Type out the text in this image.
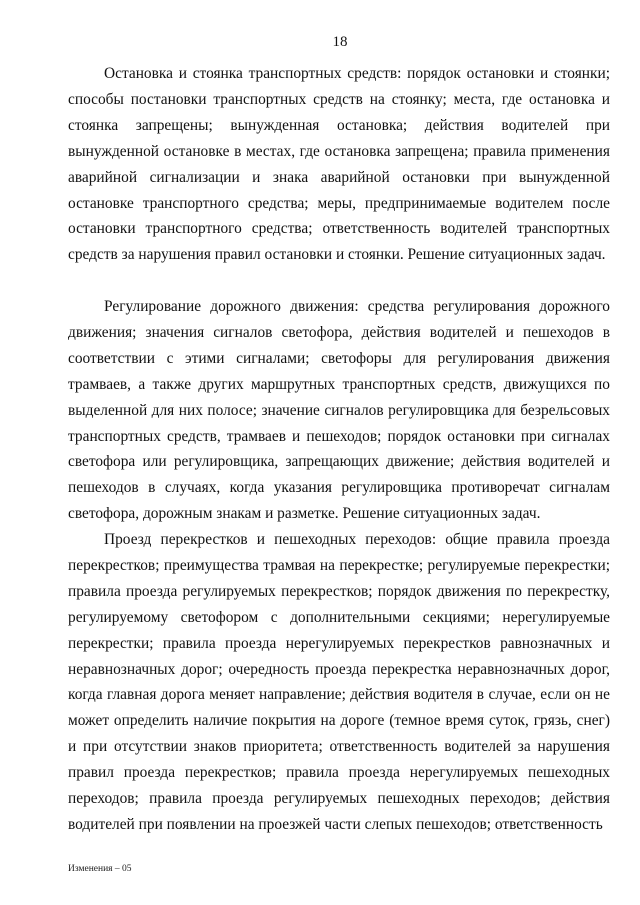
18

Остановка и стоянка транспортных средств: порядок остановки и стоянки; способы постановки транспортных средств на стоянку; места, где остановка и стоянка запрещены; вынужденная остановка; действия водителей при вынужденной остановке в местах, где остановка запрещена; правила применения аварийной сигнализации и знака аварийной остановки при вынужденной остановке транспортного средства; меры, предпринимаемые водителем после остановки транспортного средства; ответственность водителей транспортных средств за нарушения правил остановки и стоянки. Решение ситуационных задач.

Регулирование дорожного движения: средства регулирования дорожного движения; значения сигналов светофора, действия водителей и пешеходов в соответствии с этими сигналами; светофоры для регулирования движения трамваев, а также других маршрутных транспортных средств, движущихся по выделенной для них полосе; значение сигналов регулировщика для безрельсовых транспортных средств, трамваев и пешеходов; порядок остановки при сигналах светофора или регулировщика, запрещающих движение; действия водителей и пешеходов в случаях, когда указания регулировщика противоречат сигналам светофора, дорожным знакам и разметке. Решение ситуационных задач.

Проезд перекрестков и пешеходных переходов: общие правила проезда перекрестков; преимущества трамвая на перекрестке; регулируемые перекрестки; правила проезда регулируемых перекрестков; порядок движения по перекрестку, регулируемому светофором с дополнительными секциями; нерегулируемые перекрестки; правила проезда нерегулируемых перекрестков равнозначных и неравнозначных дорог; очередность проезда перекрестка неравнозначных дорог, когда главная дорога меняет направление; действия водителя в случае, если он не может определить наличие покрытия на дороге (темное время суток, грязь, снег) и при отсутствии знаков приоритета; ответственность водителей за нарушения правил проезда перекрестков; правила проезда нерегулируемых пешеходных переходов; правила проезда регулируемых пешеходных переходов; действия водителей при появлении на проезжей части слепых пешеходов; ответственность

Изменения – 05
